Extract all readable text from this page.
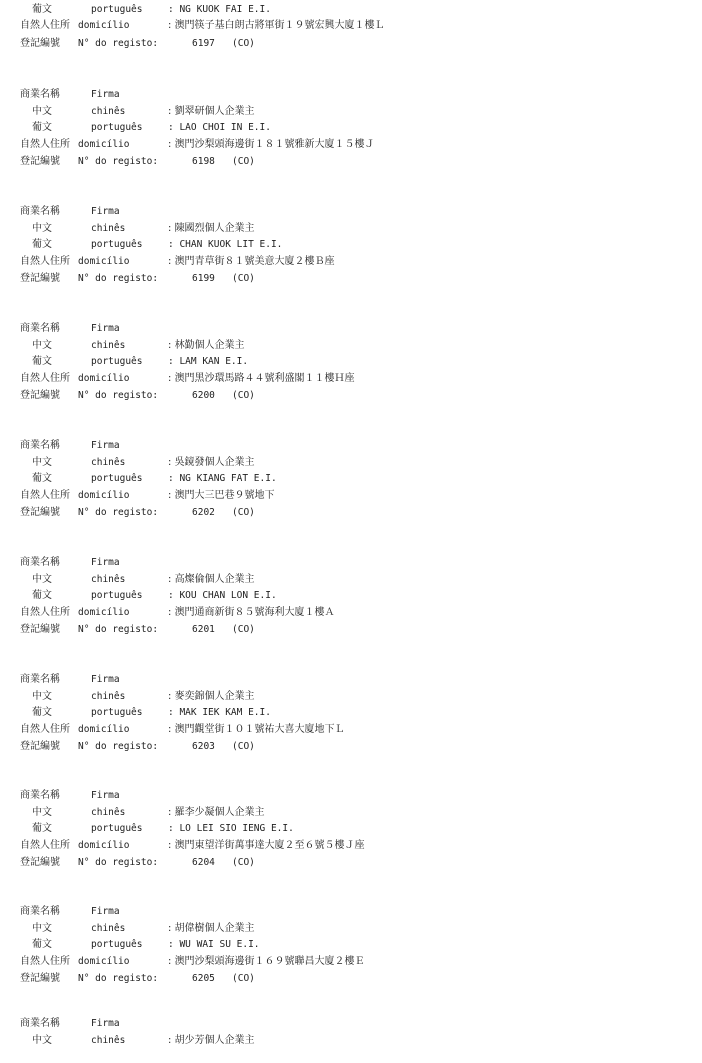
葡文	português	: NG KUOK FAI E.I.
自然人住所 domicílio	: 澳門筷子基白朗古將軍街１９號宏興大廈１樓Ｌ
登記編號 N° do registo:	6197 (CO)
商業名稱	Firma
中文	chinês	: 劉翠研個人企業主
葡文	português	: LAO CHOI IN E.I.
自然人住所 domicílio	: 澳門沙梨頭海邊街１８１號雅新大廈１５樓Ｊ
登記編號 N° do registo:	6198 (CO)
商業名稱	Firma
中文	chinês	: 陳國烈個人企業主
葡文	português	: CHAN KUOK LIT E.I.
自然人住所 domicílio	: 澳門青草街８１號美意大廈２樓Ｂ座
登記編號 N° do registo:	6199 (CO)
商業名稱	Firma
中文	chinês	: 林勤個人企業主
葡文	português	: LAM KAN E.I.
自然人住所 domicílio	: 澳門黑沙環馬路４４號利盛閣１１樓Ｈ座
登記編號 N° do registo:	6200 (CO)
商業名稱	Firma
中文	chinês	: 吳鏡發個人企業主
葡文	português	: NG KIANG FAT E.I.
自然人住所 domicílio	: 澳門大三巴巷９號地下
登記編號 N° do registo:	6202 (CO)
商業名稱	Firma
中文	chinês	: 高燦倫個人企業主
葡文	português	: KOU CHAN LON E.I.
自然人住所 domicílio	: 澳門通商新街８５號海利大廈１樓Ａ
登記編號 N° do registo:	6201 (CO)
商業名稱	Firma
中文	chinês	: 麥奕錦個人企業主
葡文	português	: MAK IEK KAM E.I.
自然人住所 domicílio	: 澳門觀堂街１０１號祐大喜大廈地下Ｌ
登記編號 N° do registo:	6203 (CO)
商業名稱	Firma
中文	chinês	: 羅李少凝個人企業主
葡文	português	: LO LEI SIO IENG E.I.
自然人住所 domicílio	: 澳門東望洋街萬事達大廈２至６號５樓Ｊ座
登記編號 N° do registo:	6204 (CO)
商業名稱	Firma
中文	chinês	: 胡偉樹個人企業主
葡文	português	: WU WAI SU E.I.
自然人住所 domicílio	: 澳門沙梨頭海邊街１６９號聯昌大廈２樓Ｅ
登記編號 N° do registo:	6205 (CO)
商業名稱	Firma
中文	chinês	: 胡少芳個人企業主
